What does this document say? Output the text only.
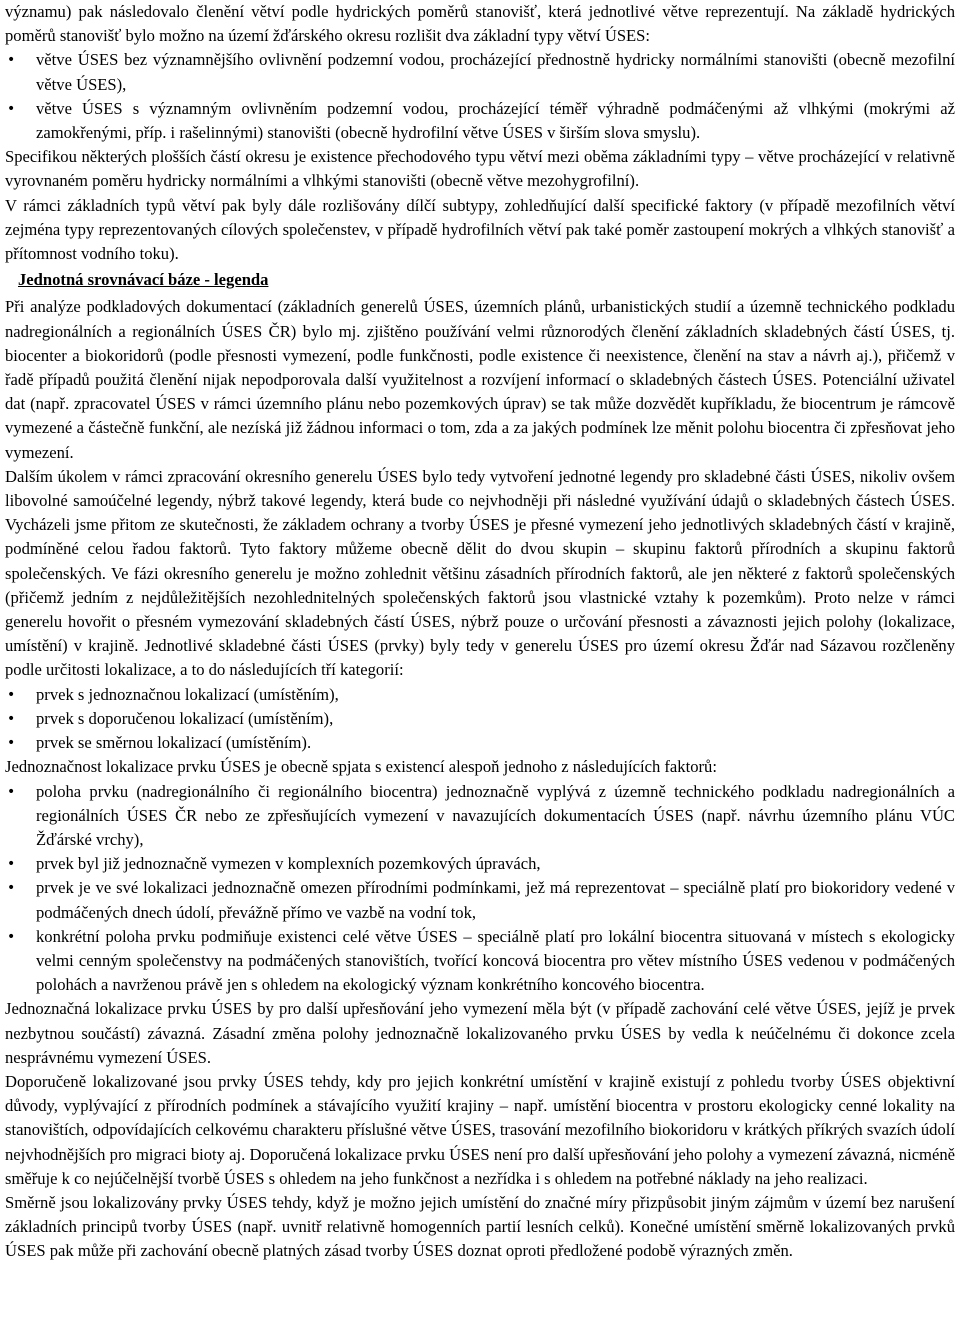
významu) pak následovalo členění větví podle hydrických poměrů stanovišť, která jednotlivé větve reprezentují. Na základě hydrických poměrů stanovišť bylo možno na území žďárského okresu rozlišit dva základní typy větví ÚSES:

• větve ÚSES bez významnějšího ovlivnění podzemní vodou, procházející přednostně hydricky normálními stanovišti (obecně mezofilní větve ÚSES),
• větve ÚSES s významným ovlivněním podzemní vodou, procházející téměř výhradně podmáčenými až vlhkými (mokrými až zamokřenými, příp. i rašelinnými) stanovišti (obecně hydrofilní větve ÚSES v širším slova smyslu).

Specifikou některých plošších částí okresu je existence přechodového typu větví mezi oběma základními typy – větve procházející v relativně vyrovnaném poměru hydricky normálními a vlhkými stanovišti (obecně větve mezohygrofilní).

V rámci základních typů větví pak byly dále rozlišovány dílčí subtypy, zohledňující další specifické faktory (v případě mezofilních větví zejména typy reprezentovaných cílových společenstev, v případě hydrofilních větví pak také poměr zastoupení mokrých a vlhkých stanovišť a přítomnost vodního toku).

Jednotná srovnávací báze - legenda

Při analýze podkladových dokumentací (základních generelů ÚSES, územních plánů, urbanistických studií a územně technického podkladu nadregionálních a regionálních ÚSES ČR) bylo mj. zjištěno používání velmi různorodých členění základních skladebných částí ÚSES, tj. biocenter a biokoridorů (podle přesnosti vymezení, podle funkčnosti, podle existence či neexistence, členění na stav a návrh aj.), přičemž v řadě případů použitá členění nijak nepodporovala další využitelnost a rozvíjení informací o skladebných částech ÚSES. Potenciální uživatel dat (např. zpracovatel ÚSES v rámci územního plánu nebo pozemkových úprav) se tak může dozvědět kupříkladu, že biocentrum je rámcově vymezené a částečně funkční, ale nezíská již žádnou informaci o tom, zda a za jakých podmínek lze měnit polohu biocentra či zpřesňovat jeho vymezení.

Dalším úkolem v rámci zpracování okresního generelu ÚSES bylo tedy vytvoření jednotné legendy pro skladebné části ÚSES, nikoliv ovšem libovolné samoúčelné legendy, nýbrž takové legendy, která bude co nejvhodněji při následné využívání údajů o skladebných částech ÚSES. Vycházeli jsme přitom ze skutečnosti, že základem ochrany a tvorby ÚSES je přesné vymezení jeho jednotlivých skladebných částí v krajině, podmíněné celou řadou faktorů. Tyto faktory můžeme obecně dělit do dvou skupin – skupinu faktorů přírodních a skupinu faktorů společenských. Ve fázi okresního generelu je možno zohlednit většinu zásadních přírodních faktorů, ale jen některé z faktorů společenských (přičemž jedním z nejdůležitějších nezohlednitelných společenských faktorů jsou vlastnické vztahy k pozemkům). Proto nelze v rámci generelu hovořit o přesném vymezování skladebných částí ÚSES, nýbrž pouze o určování přesnosti a závaznosti jejich polohy (lokalizace, umístění) v krajině. Jednotlivé skladebné části ÚSES (prvky) byly tedy v generelu ÚSES pro území okresu Žďár nad Sázavou rozčleněny podle určitosti lokalizace, a to do následujících tří kategorií:

• prvek s jednoznačnou lokalizací (umístěním),
• prvek s doporučenou lokalizací (umístěním),
• prvek se směrnou lokalizací (umístěním).

Jednoznačnost lokalizace prvku ÚSES je obecně spjata s existencí alespoň jednoho z následujících faktorů:

• poloha prvku (nadregionálního či regionálního biocentra) jednoznačně vyplývá z územně technického podkladu nadregionálních a regionálních ÚSES ČR nebo ze zpřesňujících vymezení v navazujících dokumentacích ÚSES (např. návrhu územního plánu VÚC Žďárské vrchy),
• prvek byl již jednoznačně vymezen v komplexních pozemkových úpravách,
• prvek je ve své lokalizaci jednoznačně omezen přírodními podmínkami, jež má reprezentovat – speciálně platí pro biokoridory vedené v podmáčených dnech údolí, převážně přímo ve vazbě na vodní tok,
• konkrétní poloha prvku podmiňuje existenci celé větve ÚSES – speciálně platí pro lokální biocentra situovaná v místech s ekologicky velmi cenným společenstvy na podmáčených stanovištích, tvořící koncová biocentra pro větev místního ÚSES vedenou v podmáčených polohách a navrženou právě jen s ohledem na ekologický význam konkrétního koncového biocentra.

Jednoznačná lokalizace prvku ÚSES by pro další upřesňování jeho vymezení měla být (v případě zachování celé větve ÚSES, jejíž je prvek nezbytnou součástí) závazná. Zásadní změna polohy jednoznačně lokalizovaného prvku ÚSES by vedla k neúčelnému či dokonce zcela nesprávnému vymezení ÚSES.

Doporučeně lokalizované jsou prvky ÚSES tehdy, kdy pro jejich konkrétní umístění v krajině existují z pohledu tvorby ÚSES objektivní důvody, vyplývající z přírodních podmínek a stávajícího využití krajiny – např. umístění biocentra v prostoru ekologicky cenné lokality na stanovištích, odpovídajících celkovému charakteru příslušné větve ÚSES, trasování mezofilního biokoridoru v krátkých příkrých svazích údolí nejvhodnějších pro migraci bioty aj. Doporučená lokalizace prvku ÚSES není pro další upřesňování jeho polohy a vymezení závazná, nicméně směřuje k co nejúčelnější tvorbě ÚSES s ohledem na jeho funkčnost a nezřídka i s ohledem na potřebné náklady na jeho realizaci.

Směrně jsou lokalizovány prvky ÚSES tehdy, když je možno jejich umístění do značné míry přizpůsobit jiným zájmům v území bez narušení základních principů tvorby ÚSES (např. uvnitř relativně homogenních partií lesních celků). Konečné umístění směrně lokalizovaných prvků ÚSES pak může při zachování obecně platných zásad tvorby ÚSES doznat oproti předložené podobě výrazných změn.
